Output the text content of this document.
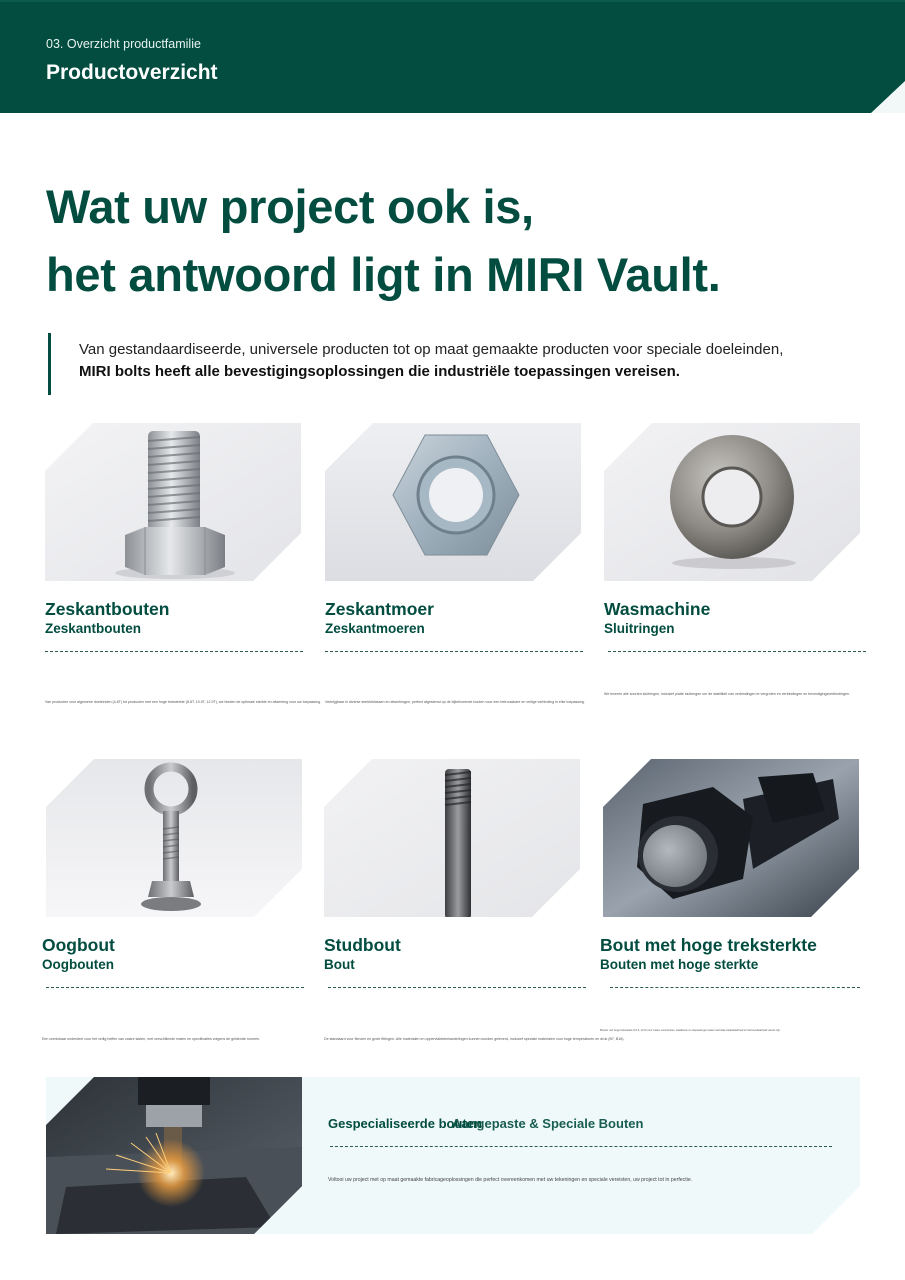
03. Overzicht productfamilie
Productoverzicht
Wat uw project ook is,
het antwoord ligt in MIRI Vault.

Van gestandaardiseerde, universele producten tot op maat gemaakte producten voor speciale doeleinden,

MIRI bolts heeft alle bevestigingsoplossingen die industriële toepassingen vereisen.

Zeskantbouten
Zeskantbouten
Van producten voor algemene doeleinden (4.8T) tot producten met een hoge treksterkte (8.8T, 10.9T, 12.9T), we bieden de optimale sterkte en afwerking voor uw toepassing.
Zeskantmoer
Zeskantmoeren
Verkrijgbaar in diverse sterkteklassen en afwerkingen, perfect afgestemd op de bijbehorende bouten voor een betrouwbare en veilige verbinding in elke toepassing.
Wasmachine
Sluitringen
We leveren alle soorten sluitringen, inclusief platte sluitringen om de stabiliteit van verbindingen te vergroten en verbindingen en bevestigingsverbindingen.
Oogbout
Oogbouten
Een onmisbaar onderdeel voor het veilig heffen van zware lasten, met verschillende maten en specificaties volgens de geldende normen.
Studbout
Bout
De standaard voor flenzen en grote fittingen. Alle materialen en oppervlaktebehandelingen kunnen worden geleverd, inclusief speciale materialen voor hoge temperaturen en druk (B7, B16).
Bout met hoge treksterkte
Bouten met hoge sterkte
Bouten met hoge treksterkte (10.9, 12.9) voor zware constructies, staalbouw en toepassingen waar maximale belastbaarheid en betrouwbaarheid vereist zijn.
Gespecialiseerde bouten
Aangepaste & Speciale Bouten
Voltooi uw project met op maat gemaakte fabricageoplossingen die perfect overeenkomen met uw tekeningen en speciale vereisten, uw project tot in perfectie.
